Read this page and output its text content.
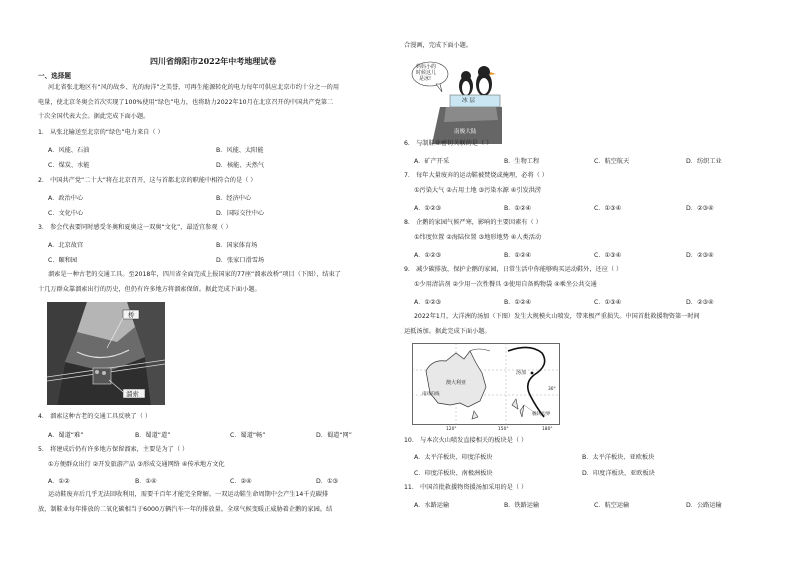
四川省绵阳市2022年中考地理试卷
一、选择题
河北省张北地区有“风的故乡、光的海洋”之美誉，可再生能源转化的电力每年可供应北京市约十分之一的用
电量，使北京冬奥会首次实现了100%使用“绿色”电力，也将助力2022年10月在北京召开的中国共产党第二
十次全国代表大会。据此完成下面小题。
1． 从张北输送至北京的“绿色”电力来自（ ）
A．风能、石油	B．风能、太阳能
C．煤炭、水能	D．核能、天然气
2． 中国共产党“二十大”将在北京召开，这与首都北京的职能中相符合的是（ ）
A．政治中心	B．经济中心
C．文化中心	D．国际交往中心
3． 参会代表要同时感受冬奥和夏奥这一双奥“文化”，最适宜参观（ ）
A．北京故宫	B．国家体育场
C．颐和园	D．张家口滑雪场
溜索是一种古老的交通工具。至2018年，四川省全面完成上报国家的77座“溜索改桥”项目（下图），结束了
十几万群众靠溜索出行的历史，但仍有许多地方将溜索保留。据此完成下面小题。
桥
溜索
4． 溜索这种古老的交通工具反映了（ ）
A．蜀道“难”	B．蜀道“道”	C．蜀道“畅”	D．蜀道“网”
5． 将建成后仍有许多地方保留溜索，主要是为了（ ）
①方便群众出行 ②开发旅游产品 ③形成交通网络 ④传承地方文化
A．①②	B．①④	C．②④	D．①③
运动鞋废弃后几乎无法回收利用，需要千百年才能完全降解。一双运动鞋生命周期中会产生14千克碳排
放，制鞋业每年排放的二氧化碳相当于6000万辆汽车一年的排放量。全球气候变暖正威胁着企鹅的家园。结
合漫画，完成下面小题。
妈妈小的
时候这儿
是冰!
冰 层
南极大陆
6． 与制鞋业密切关联的是（ ）
A．矿产开采	B．生物工程	C．航空航天	D．纺织工业
7． 每年大量废弃的运动鞋被焚烧或掩埋，必将（ ）
①污染大气 ②占用土地 ③污染水源 ④引发洪涝
A．①②③	B．①②④	C．①③④	D．②③④
8． 企鹅的家园气候严寒，影响的主要因素有（ ）
①纬度位置 ②海陆位置 ③地形地势 ④人类活动
A．①②③	B．①②④	C．①③④	D．②③④
9． 减少碳排放，保护企鹅的家园，日常生活中你能够购买运动鞋外，还应（ ）
①少用清洁剂 ②少用一次性餐具 ③使用自备购物袋 ④乘坐公共交通
A．①②③	B．①②④	C．①③④	D．②③④
2022年1月，大洋洲的汤加（下图）发生大规模火山喷发，带来极严重损失。中国首批救援物资第一时间
运抵汤加。据此完成下面小题。
澳大利亚
汤加
板块边界
30°
南回归线
120°	150°	180°
10． 与本次火山喷发直接相关的板块是（ ）
A．太平洋板块、印度洋板块	B．太平洋板块、亚欧板块
C．印度洋板块、南极洲板块	D．印度洋板块、亚欧板块
11． 中国首批救援物资援汤加采用的是（ ）
A．水路运输	B．铁路运输	C．航空运输	D．公路运输
